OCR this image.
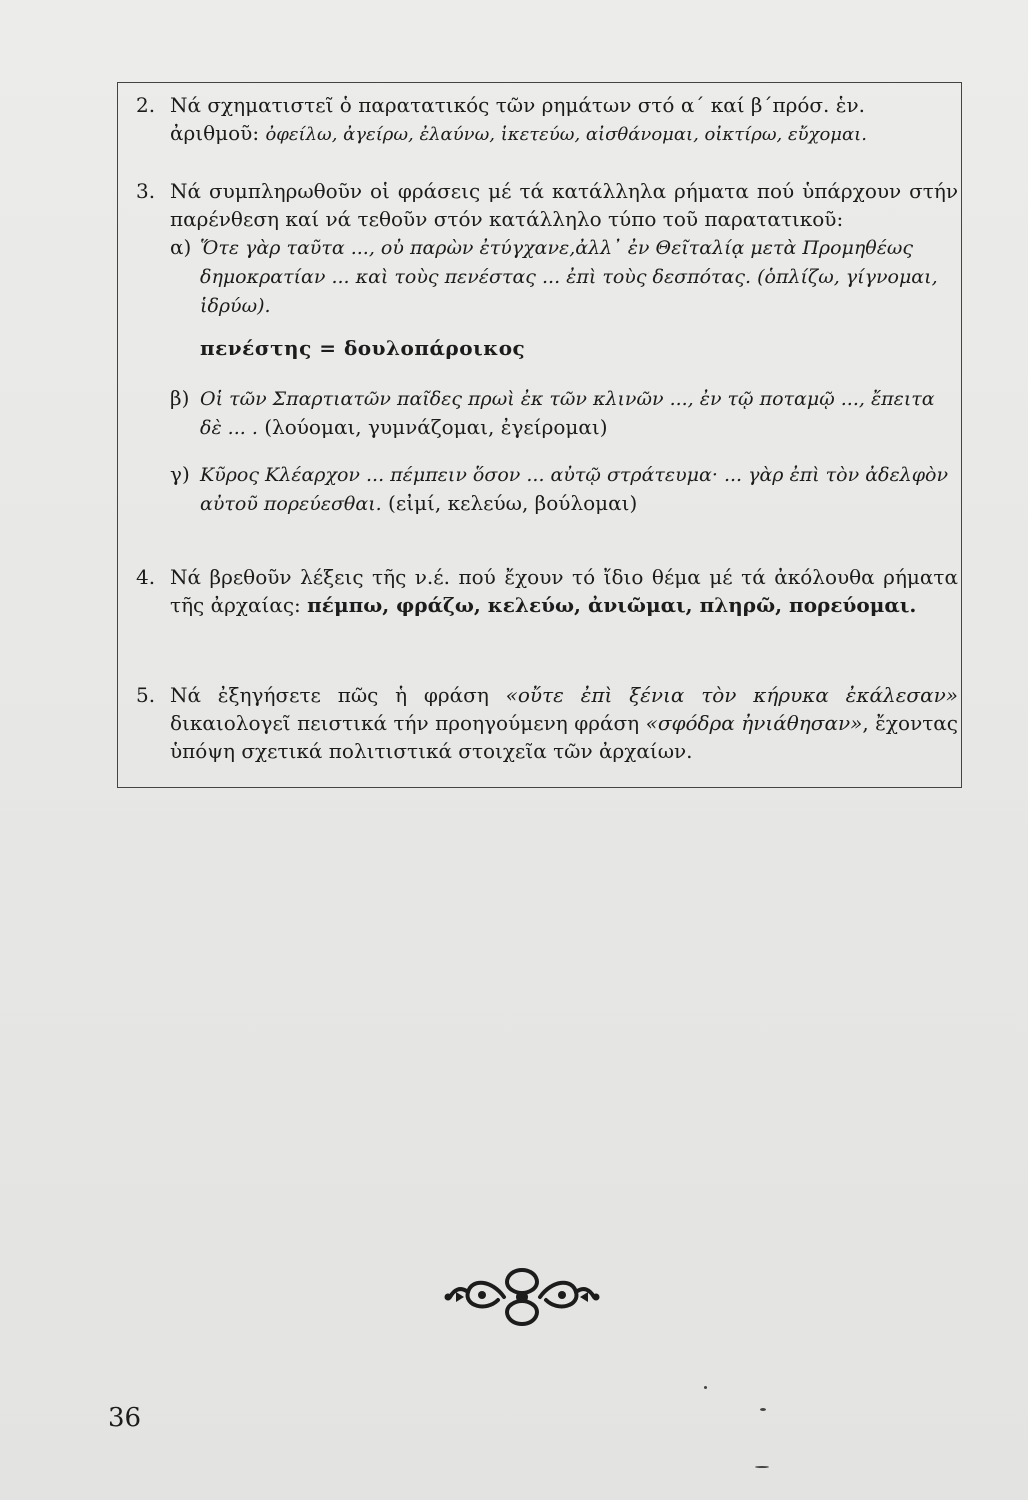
2. Νά σχηματιστεῖ ὁ παρατατικός τῶν ρημάτων στό α΄ καί β΄πρόσ. ἑν.
ἀριθμοῦ: ὀφείλω, ἀγείρω, ἐλαύνω, ἱκετεύω, αἰσθάνομαι, οἰκτίρω, εὔχομαι.
3. Νά συμπληρωθοῦν οἱ φράσεις μέ τά κατάλληλα ρήματα πού ὑπάρχουν στήν παρένθεση καί νά τεθοῦν στόν κατάλληλο τύπο τοῦ παρατατικοῦ:
α) Ὅτε γὰρ ταῦτα ..., οὐ παρὼν ἐτύγχανε,ἀλλ᾽ ἐν Θεῖταλίᾳ μετὰ Προμηθέως δημοκρατίαν ... καὶ τοὺς πενέστας ... ἐπὶ τοὺς δεσπότας. (ὁπλίζω, γίγνομαι, ἱδρύω).
πενέστης = δουλοπάροικος
β) Οἱ τῶν Σπαρτιατῶν παῖδες πρωὶ ἐκ τῶν κλινῶν ..., ἐν τῷ ποταμῷ ..., ἔπειτα δὲ ... . (λούομαι, γυμνάζομαι, ἐγείρομαι)
γ) Κῦρος Κλέαρχον ... πέμπειν ὅσον ... αὐτῷ στράτευμα· ... γὰρ ἐπὶ τὸν ἀδελφὸν αὐτοῦ πορεύεσθαι. (εἰμί, κελεύω, βούλομαι)
4. Νά βρεθοῦν λέξεις τῆς ν.έ. πού ἔχουν τό ἴδιο θέμα μέ τά ἀκόλουθα ρήματα τῆς ἀρχαίας: πέμπω, φράζω, κελεύω, ἀνιῶμαι, πληρῶ, πορεύομαι.
5. Νά ἐξηγήσετε πῶς ἡ φράση «οὔτε ἐπὶ ξένια τὸν κήρυκα ἐκάλεσαν» δικαιολογεῖ πειστικά τήν προηγούμενη φράση «σφόδρα ἠνιάθησαν», ἔχοντας ὑπόψη σχετικά πολιτιστικά στοιχεῖα τῶν ἀρχαίων.
36
